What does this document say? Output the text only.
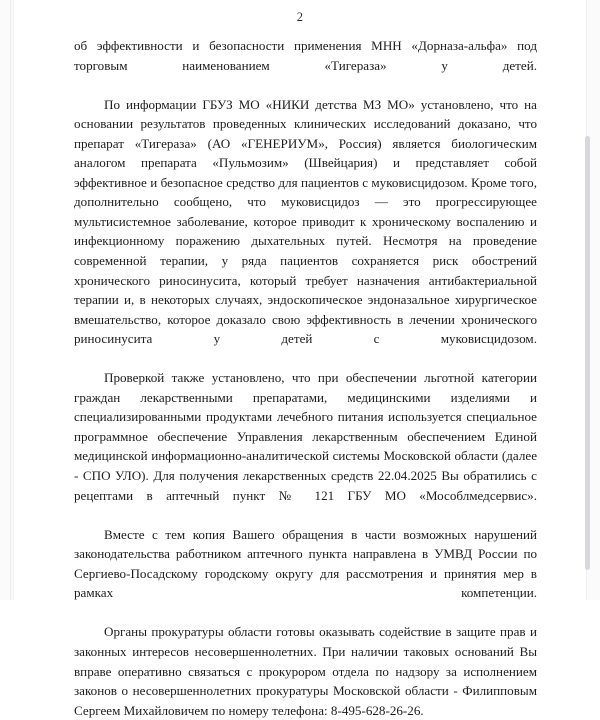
2

об эффективности и безопасности применения МНН «Дорназа-альфа» под торговым наименованием «Тигераза» у детей.

По информации ГБУЗ МО «НИКИ детства МЗ МО» установлено, что на основании результатов проведенных клинических исследований доказано, что препарат «Тигераза» (АО «ГЕНЕРИУМ», Россия) является биологическим аналогом препарата «Пульмозим» (Швейцария) и представляет собой эффективное и безопасное средство для пациентов с муковисцидозом. Кроме того, дополнительно сообщено, что муковисцидоз — это прогрессирующее мультисистемное заболевание, которое приводит к хроническому воспалению и инфекционному поражению дыхательных путей. Несмотря на проведение современной терапии, у ряда пациентов сохраняется риск обострений хронического риносинусита, который требует назначения антибактериальной терапии и, в некоторых случаях, эндоскопическое эндоназальное хирургическое вмешательство, которое доказало свою эффективность в лечении хронического риносинусита у детей с муковисцидозом.

Проверкой также установлено, что при обеспечении льготной категории граждан лекарственными препаратами, медицинскими изделиями и специализированными продуктами лечебного питания используется специальное программное обеспечение Управления лекарственным обеспечением Единой медицинской информационно-аналитической системы Московской области (далее - СПО УЛО). Для получения лекарственных средств 22.04.2025 Вы обратились с рецептами в аптечный пункт № 121 ГБУ МО «Мособлмедсервис».

Вместе с тем копия Вашего обращения в части возможных нарушений законодательства работником аптечного пункта направлена в УМВД России по Сергиево-Посадскому городскому округу для рассмотрения и принятия мер в рамках компетенции.

Органы прокуратуры области готовы оказывать содействие в защите прав и законных интересов несовершеннолетних. При наличии таковых оснований Вы вправе оперативно связаться с прокурором отдела по надзору за исполнением законов о несовершеннолетних прокуратуры Московской области - Филипповым Сергеем Михайловичем по номеру телефона: 8-495-628-26-26.
